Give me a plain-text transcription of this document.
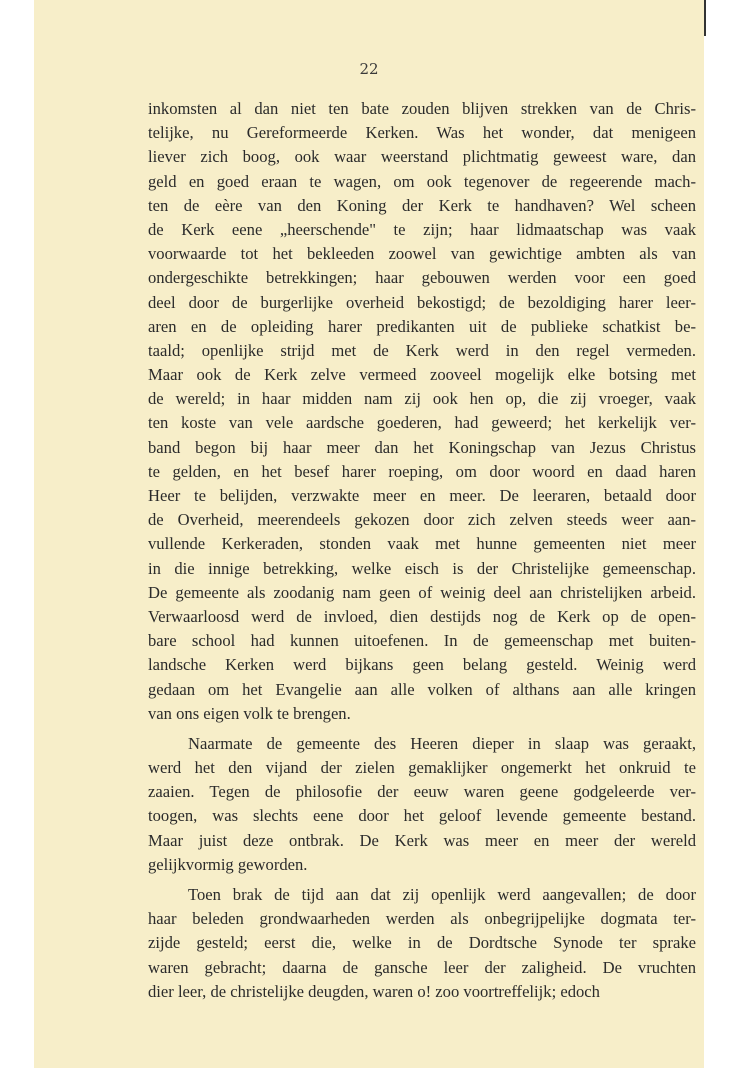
22

inkomsten al dan niet ten bate zouden blijven strekken van de Chris-
telijke, nu Gereformeerde Kerken. Was het wonder, dat menigeen
liever zich boog, ook waar weerstand plichtmatig geweest ware, dan
geld en goed eraan te wagen, om ook tegenover de regeerende mach-
ten de eère van den Koning der Kerk te handhaven? Wel scheen
de Kerk eene „heerschende" te zijn; haar lidmaatschap was vaak
voorwaarde tot het bekleeden zoowel van gewichtige ambten als van
ondergeschikte betrekkingen; haar gebouwen werden voor een goed
deel door de burgerlijke overheid bekostigd; de bezoldiging harer leer-
aren en de opleiding harer predikanten uit de publieke schatkist be-
taald; openlijke strijd met de Kerk werd in den regel vermeden.
Maar ook de Kerk zelve vermeed zooveel mogelijk elke botsing met
de wereld; in haar midden nam zij ook hen op, die zij vroeger, vaak
ten koste van vele aardsche goederen, had geweerd; het kerkelijk ver-
band begon bij haar meer dan het Koningschap van Jezus Christus
te gelden, en het besef harer roeping, om door woord en daad haren
Heer te belijden, verzwakte meer en meer. De leeraren, betaald door
de Overheid, meerendeels gekozen door zich zelven steeds weer aan-
vullende Kerkeraden, stonden vaak met hunne gemeenten niet meer
in die innige betrekking, welke eisch is der Christelijke gemeenschap.
De gemeente als zoodanig nam geen of weinig deel aan christelijken arbeid.
Verwaarloosd werd de invloed, dien destijds nog de Kerk op de open-
bare school had kunnen uitoefenen. In de gemeenschap met buiten-
landsche Kerken werd bijkans geen belang gesteld. Weinig werd
gedaan om het Evangelie aan alle volken of althans aan alle kringen
van ons eigen volk te brengen.
Naarmate de gemeente des Heeren dieper in slaap was geraakt,
werd het den vijand der zielen gemaklijker ongemerkt het onkruid te
zaaien. Tegen de philosofie der eeuw waren geene godgeleerde ver-
toogen, was slechts eene door het geloof levende gemeente bestand.
Maar juist deze ontbrak. De Kerk was meer en meer der wereld
gelijkvormig geworden.
Toen brak de tijd aan dat zij openlijk werd aangevallen; de door
haar beleden grondwaarheden werden als onbegrijpelijke dogmata ter-
zijde gesteld; eerst die, welke in de Dordtsche Synode ter sprake
waren gebracht; daarna de gansche leer der zaligheid. De vruchten
dier leer, de christelijke deugden, waren o! zoo voortreffelijk; edoch
